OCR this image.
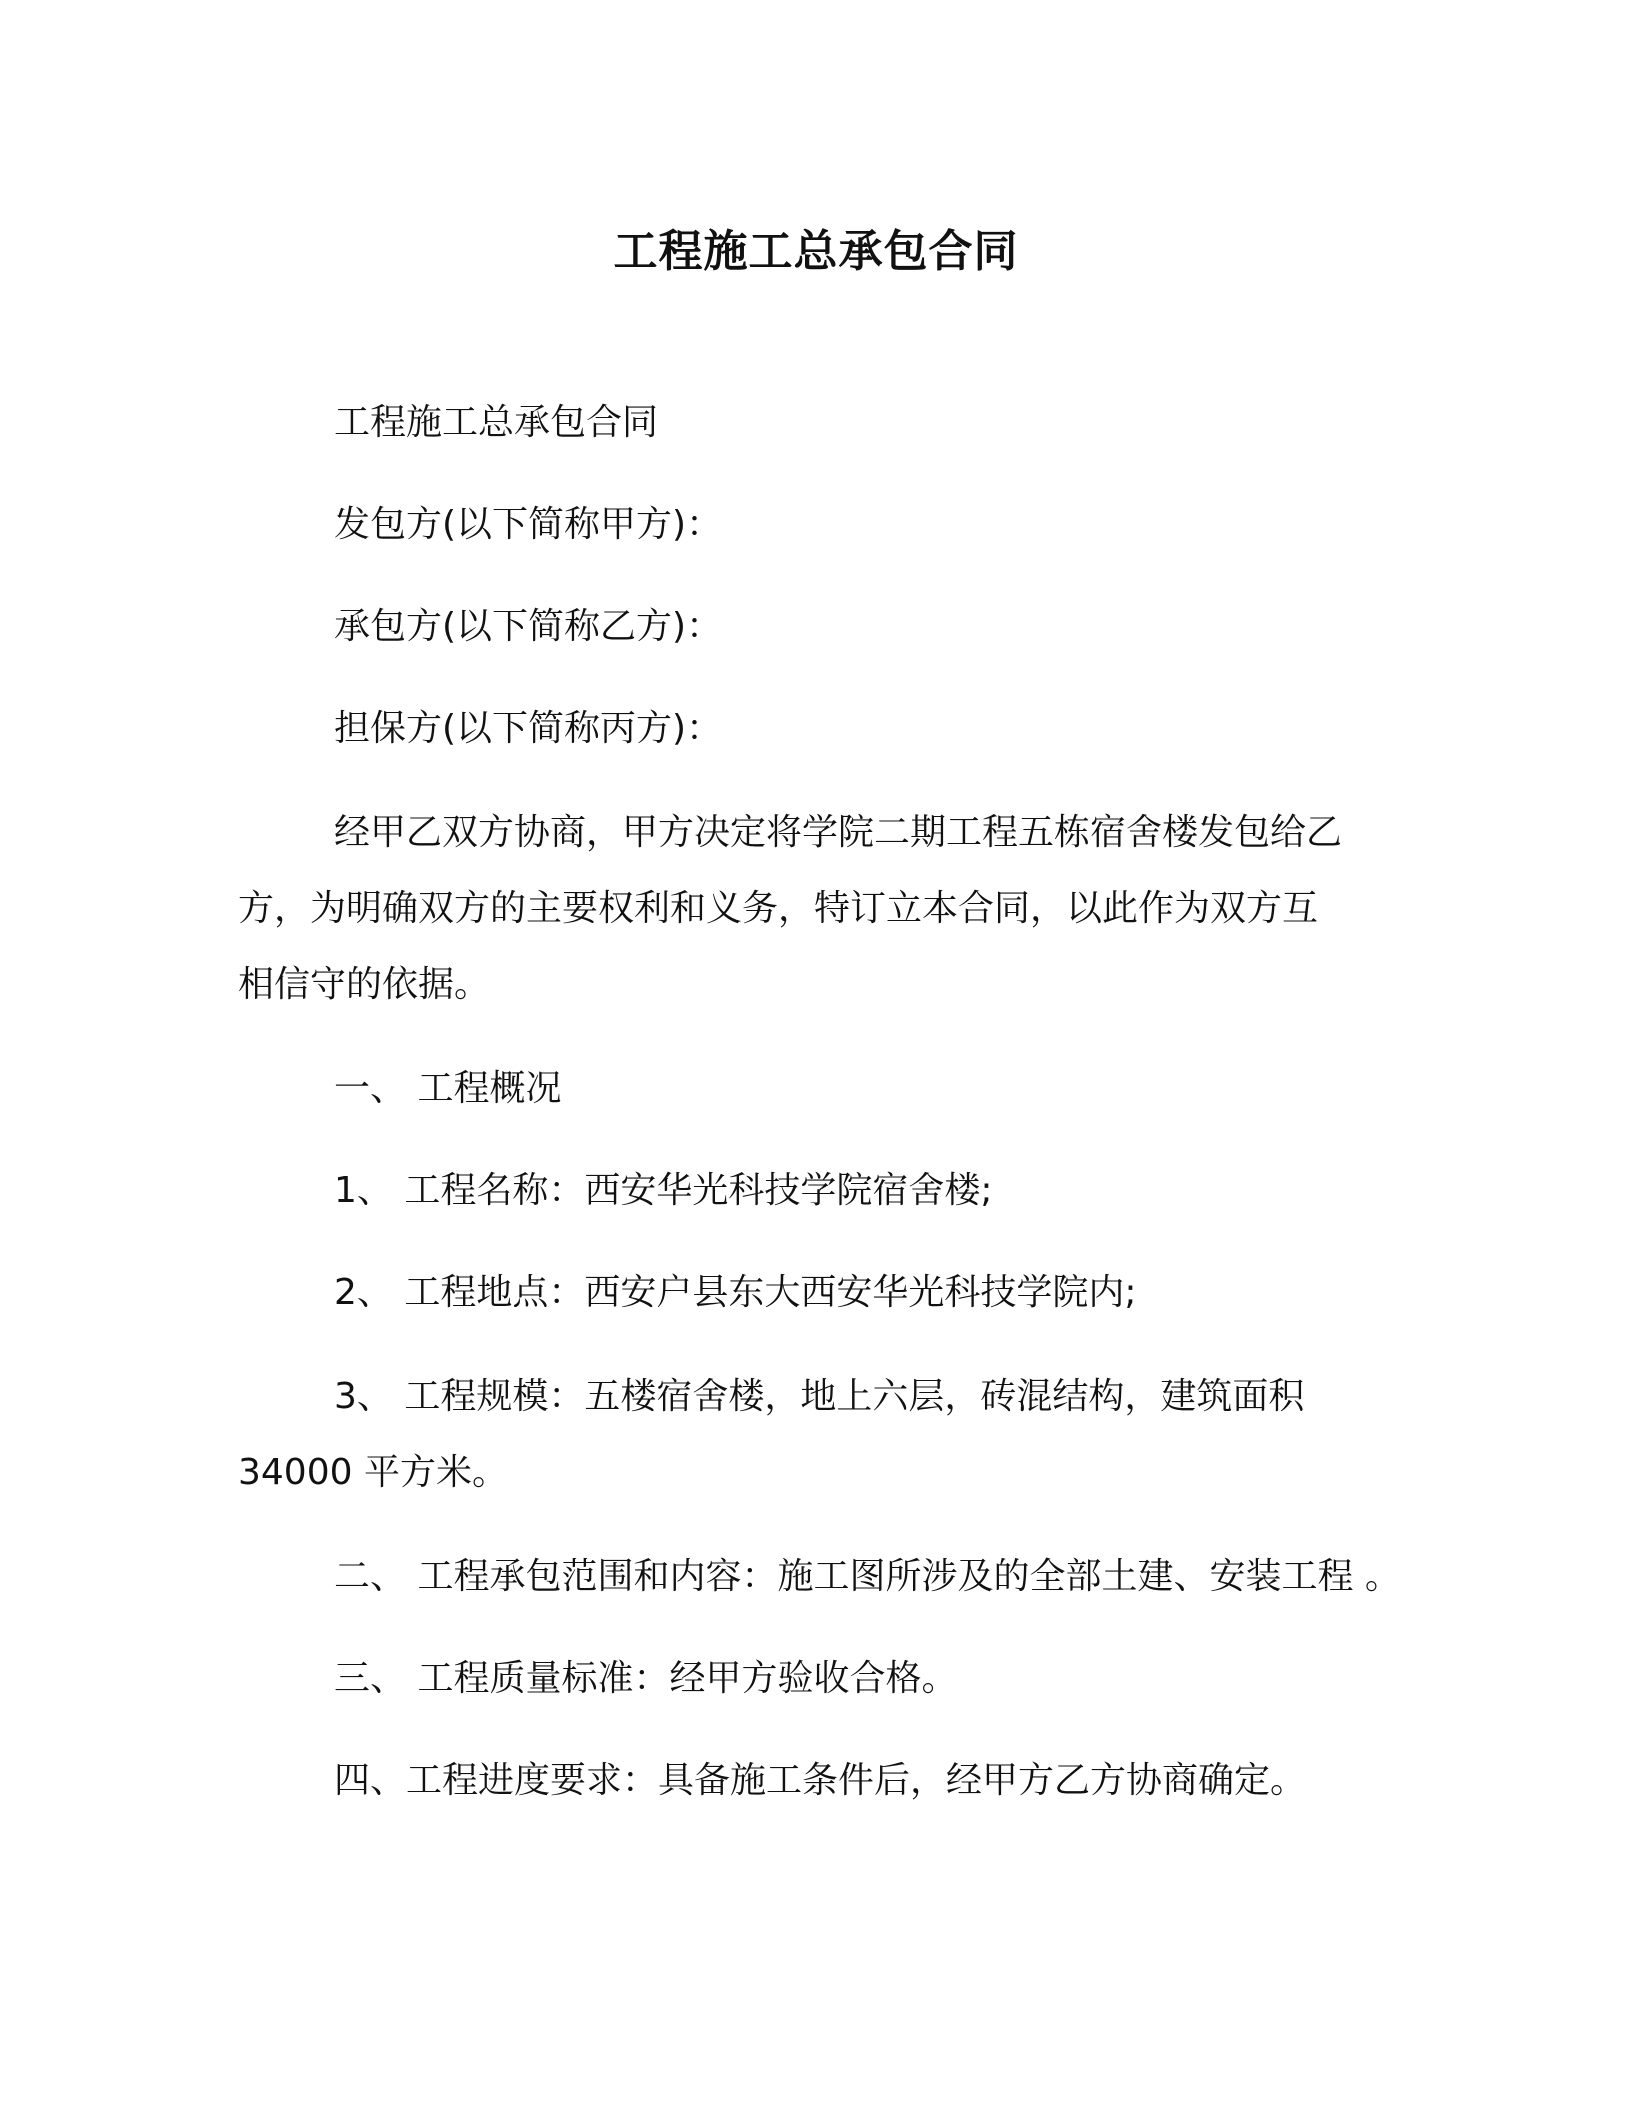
工程施工总承包合同
工程施工总承包合同
发包方(以下简称甲方)：
承包方(以下简称乙方)：
担保方(以下简称丙方)：
经甲乙双方协商，甲方决定将学院二期工程五栋宿舍楼发包给乙
方，为明确双方的主要权利和义务，特订立本合同，以此作为双方互
相信守的依据。
一、 工程概况
1、 工程名称：西安华光科技学院宿舍楼;
2、 工程地点：西安户县东大西安华光科技学院内;
3、 工程规模：五楼宿舍楼，地上六层，砖混结构，建筑面积
34000 平方米。
二、 工程承包范围和内容：施工图所涉及的全部土建、安装工程 。
三、 工程质量标准：经甲方验收合格。
四、工程进度要求：具备施工条件后，经甲方乙方协商确定。
